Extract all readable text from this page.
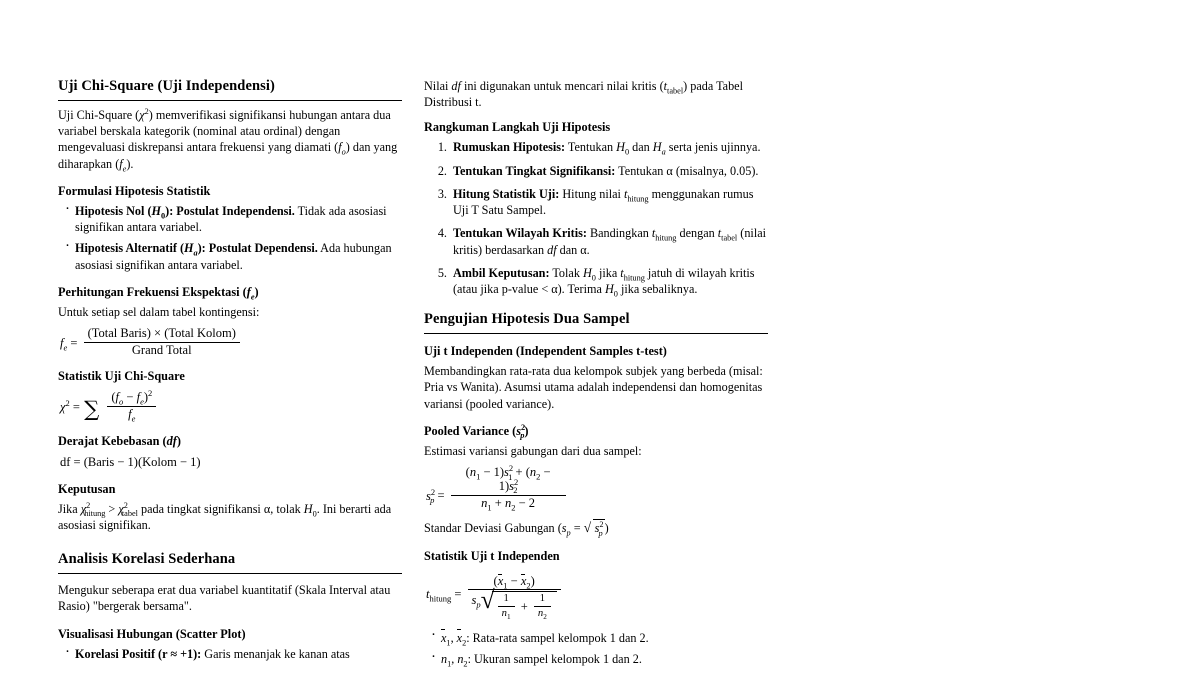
Uji Chi-Square (Uji Independensi)

Uji Chi-Square $(\chi^2)$ memverifikasi signifikansi hubungan antara dua variabel berskala kategorik (nominal atau ordinal) dengan mengevaluasi diskrepansi antara frekuensi yang diamati $(f_o)$ dan yang diharapkan $(f_e)$.

Formulasi Hipotesis Statistik
· Hipotesis Nol $(H_0)$: Postulat Independensi. Tidak ada asosiasi signifikan antara variabel.
· Hipotesis Alternatif $(H_a)$: Postulat Dependensi. Ada hubungan asosiasi signifikan antara variabel.
Perhitungan Frekuensi Ekspektasi $(f_e)$

Untuk setiap sel dalam tabel kontingensi:

$f_e = \frac{\text{(Total Baris) × (Total Kolom)}}{\text{Grand Total}}$
Statistik Uji Chi-Square
$\chi^2$ = ∑ $\frac{(f_o - f_e)^2}{f_e}$
Derajat Kebebasan (df)
df = (Baris − 1)(Kolom − 1)
Keputusan

Jika $\chi^2_{hitung} > \chi^2_{tabel}$ pada tingkat signifikansi α, tolak $H_0$. Ini berarti ada asosiasi signifikan.

Analisis Korelasi Sederhana

Mengukur seberapa erat dua variabel kuantitatif (Skala Interval atau Rasio) "bergerak bersama".

Visualisasi Hubungan (Scatter Plot)
· Korelasi Positif (r ≈ +1): Garis menanjak ke kanan atas

Nilai df ini digunakan untuk mencari nilai kritis $(t_{tabel})$ pada Tabel Distribusi t.

Rangkuman Langkah Uji Hipotesis
1. Rumuskan Hipotesis: Tentukan $H_0$ dan $H_a$ serta jenis ujinnya.
2. Tentukan Tingkat Signifikansi: Tentukan α (misalnya, 0.05).
3. Hitung Statistik Uji: Hitung nilai $t_{hitung}$ menggunakan rumus Uji T Satu Sampel.
4. Tentukan Wilayah Kritis: Bandingkan $t_{hitung}$ dengan $t_{tabel}$ (nilai kritis) berdasarkan df dan α.
5. Ambil Keputusan: Tolak $H_0$ jika $t_{hitung}$ jatuh di wilayah kritis (atau jika p-value < α). Terima $H_0$ jika sebaliknya.
Pengujian Hipotesis Dua Sampel
Uji t Independen (Independent Samples t-test)

Membandingkan rata-rata dua kelompok subjek yang berbeda (misal: Pria vs Wanita). Asumsi utama adalah independensi dan homogenitas variansi (pooled variance).

Pooled Variance $(s^2_p)$

Estimasi variansi gabungan dari dua sampel:

$s^2_p = \frac{(n_1 - 1)s^2_1 + (n_2 - 1)s^2_2}{n_1 + n_2 - 2}$

Standar Deviasi Gabungan ($s_p$ = √ $s^2_p$ )

Statistik Uji t Independen
$t_{hitung} = \frac{(x_1 - x_2)}{s_p √ \frac{1}{n_1} + \frac{1}{n_2}}$
· $x_1$, $x_2$: Rata-rata sampel kelompok 1 dan 2.
· $n_1$, $n_2$: Ukuran sampel kelompok 1 dan 2.
